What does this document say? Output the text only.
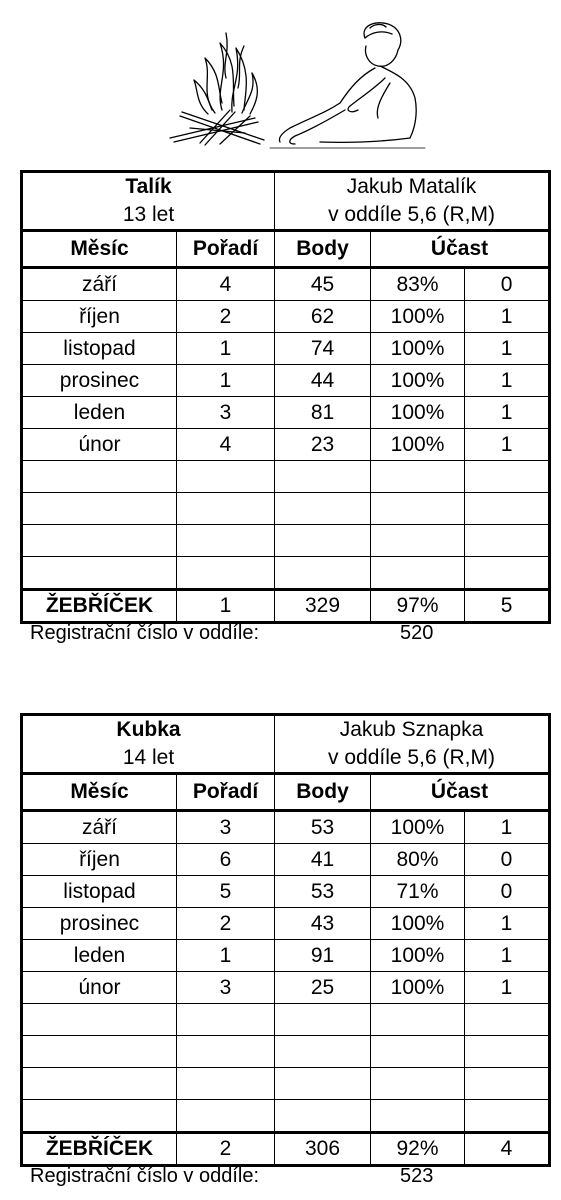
Talík		Jakub Matalík		
13 let		v oddíle 5,6 (R,M)		
Měsíc	Pořadí	Body	Účast	
září	4	45	83%	0
říjen	2	62	100%	1
listopad	1	74	100%	1
prosinec	1	44	100%	1
leden	3	81	100%	1
únor	4	23	100%	1

ŽEBŘÍČEK	1	329	97%	5
Registrační číslo v oddíle:	520
Kubka		Jakub Sznapka		
14 let		v oddíle 5,6 (R,M)		
Měsíc	Pořadí	Body	Účast	
září	3	53	100%	1
říjen	6	41	80%	0
listopad	5	53	71%	0
prosinec	2	43	100%	1
leden	1	91	100%	1
únor	3	25	100%	1

ŽEBŘÍČEK	2	306	92%	4
Registrační číslo v oddíle:	523
